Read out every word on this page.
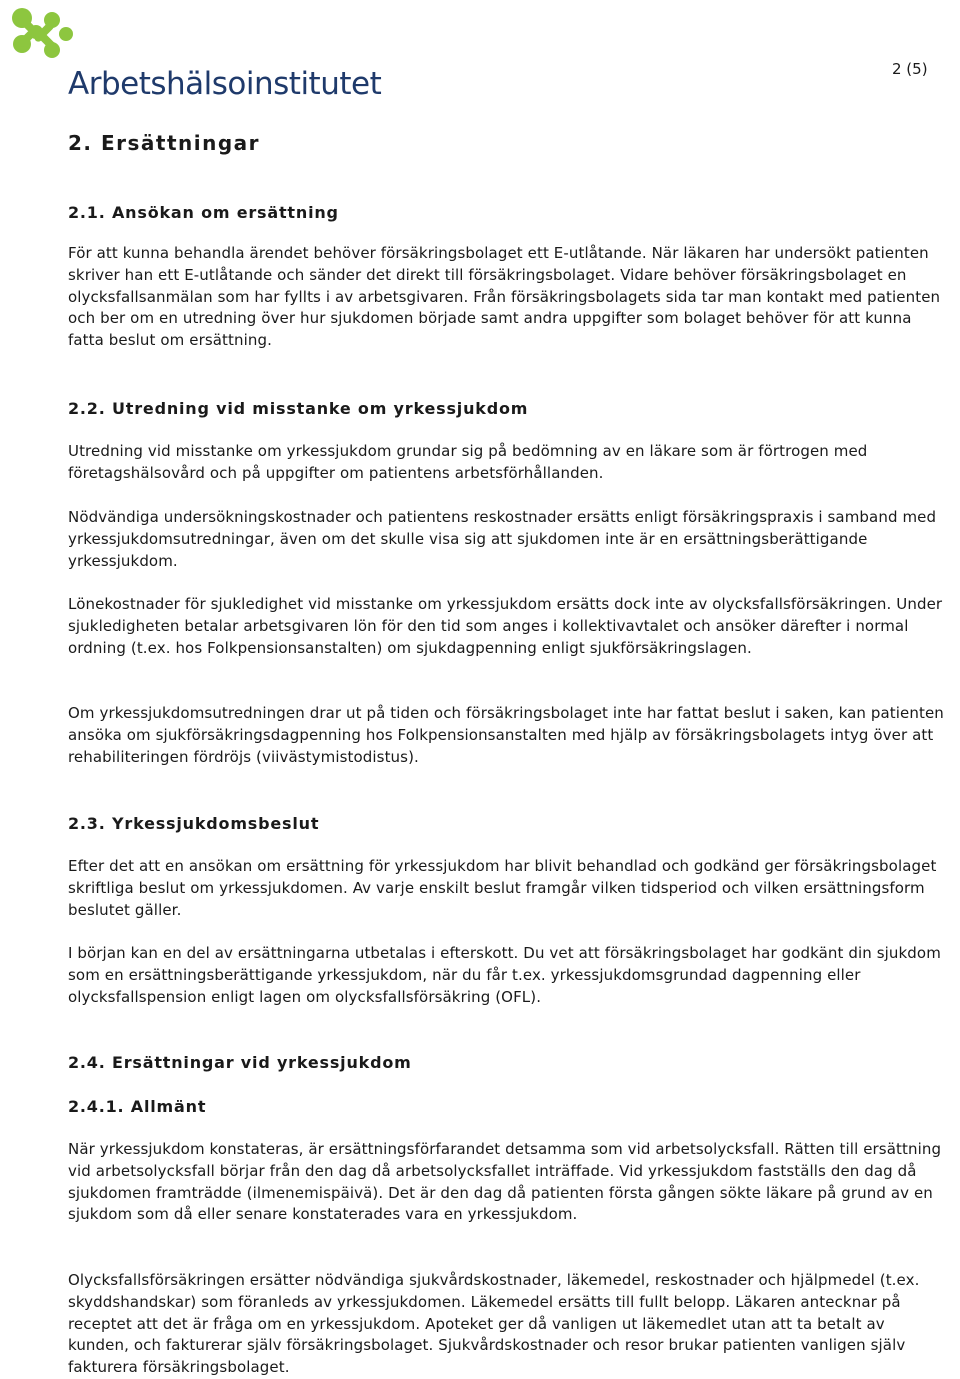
Arbetshälsoinstitutet	2 (5)
2. Ersättningar
2.1. Ansökan om ersättning
För att kunna behandla ärendet behöver försäkringsbolaget ett E-utlåtande. När läkaren har undersökt patienten skriver han ett E-utlåtande och sänder det direkt till försäkringsbolaget. Vidare behöver försäkringsbolaget en olycksfallsanmälan som har fyllts i av arbetsgivaren. Från försäkringsbolagets sida tar man kontakt med patienten och ber om en utredning över hur sjukdomen började samt andra uppgifter som bolaget behöver för att kunna fatta beslut om ersättning.
2.2. Utredning vid misstanke om yrkessjukdom
Utredning vid misstanke om yrkessjukdom grundar sig på bedömning av en läkare som är förtrogen med företagshälsovård och på uppgifter om patientens arbetsförhållanden.
Nödvändiga undersökningskostnader och patientens reskostnader ersätts enligt försäkringspraxis i samband med yrkessjukdomsutredningar, även om det skulle visa sig att sjukdomen inte är en ersättningsberättigande yrkessjukdom.
Lönekostnader för sjukledighet vid misstanke om yrkessjukdom ersätts dock inte av olycksfallsförsäkringen. Under sjukledigheten betalar arbetsgivaren lön för den tid som anges i kollektivavtalet och ansöker därefter i normal ordning (t.ex. hos Folkpensionsanstalten) om sjukdagpenning enligt sjukförsäkringslagen.
Om yrkessjukdomsutredningen drar ut på tiden och försäkringsbolaget inte har fattat beslut i saken, kan patienten ansöka om sjukförsäkringsdagpenning hos Folkpensionsanstalten med hjälp av försäkringsbolagets intyg över att rehabiliteringen fördröjs (viivästymistodistus).
2.3. Yrkessjukdomsbeslut
Efter det att en ansökan om ersättning för yrkessjukdom har blivit behandlad och godkänd ger försäkringsbolaget skriftliga beslut om yrkessjukdomen. Av varje enskilt beslut framgår vilken tidsperiod och vilken ersättningsform beslutet gäller.
I början kan en del av ersättningarna utbetalas i efterskott. Du vet att försäkringsbolaget har godkänt din sjukdom som en ersättningsberättigande yrkessjukdom, när du får t.ex. yrkessjukdomsgrundad dagpenning eller olycksfallspension enligt lagen om olycksfallsförsäkring (OFL).
2.4. Ersättningar vid yrkessjukdom
2.4.1. Allmänt
När yrkessjukdom konstateras, är ersättningsförfarandet detsamma som vid arbetsolycksfall. Rätten till ersättning vid arbetsolycksfall börjar från den dag då arbetsolycksfallet inträffade. Vid yrkessjukdom fastställs den dag då sjukdomen framträdde (ilmenemispäivä). Det är den dag då patienten första gången sökte läkare på grund av en sjukdom som då eller senare konstaterades vara en yrkessjukdom.
Olycksfallsförsäkringen ersätter nödvändiga sjukvårdskostnader, läkemedel, reskostnader och hjälpmedel (t.ex. skyddshandskar) som föranleds av yrkessjukdomen. Läkemedel ersätts till fullt belopp. Läkaren antecknar på receptet att det är fråga om en yrkessjukdom. Apoteket ger då vanligen ut läkemedlet utan att ta betalt av kunden, och fakturerar själv försäkringsbolaget. Sjukvårdskostnader och resor brukar patienten vanligen själv fakturera försäkringsbolaget.
